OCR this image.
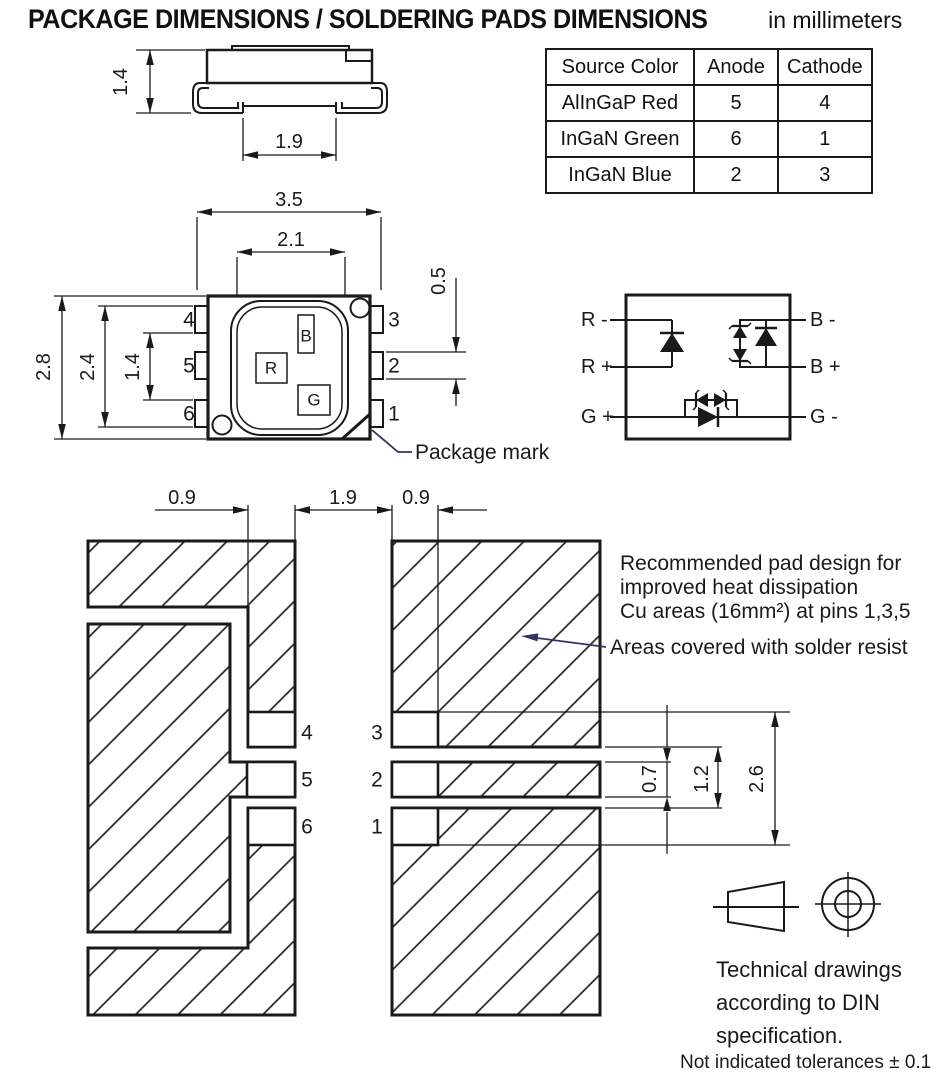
PACKAGE DIMENSIONS / SOLDERING PADS DIMENSIONS	in millimeters
Source Color	Anode	Cathode
AlInGaP Red	5	4
InGaN Green	6	1
InGaN Blue	2	3
1.4
1.9
3.5
2.1
2.8 2.4 1.4
0.5
4
5
6
3
2
1
B
R
G
Package mark
R -
R +
G +
B -
B +
G -
4
5
6
3
2
1
0.9	1.9 0.9
0.7 1.2 2.6
Recommended pad design for
improved heat dissipation
Cu areas (16mm²) at pins 1,3,5
Areas covered with solder resist
Technical drawings
according to DIN
specification.
Not indicated tolerances ± 0.1
